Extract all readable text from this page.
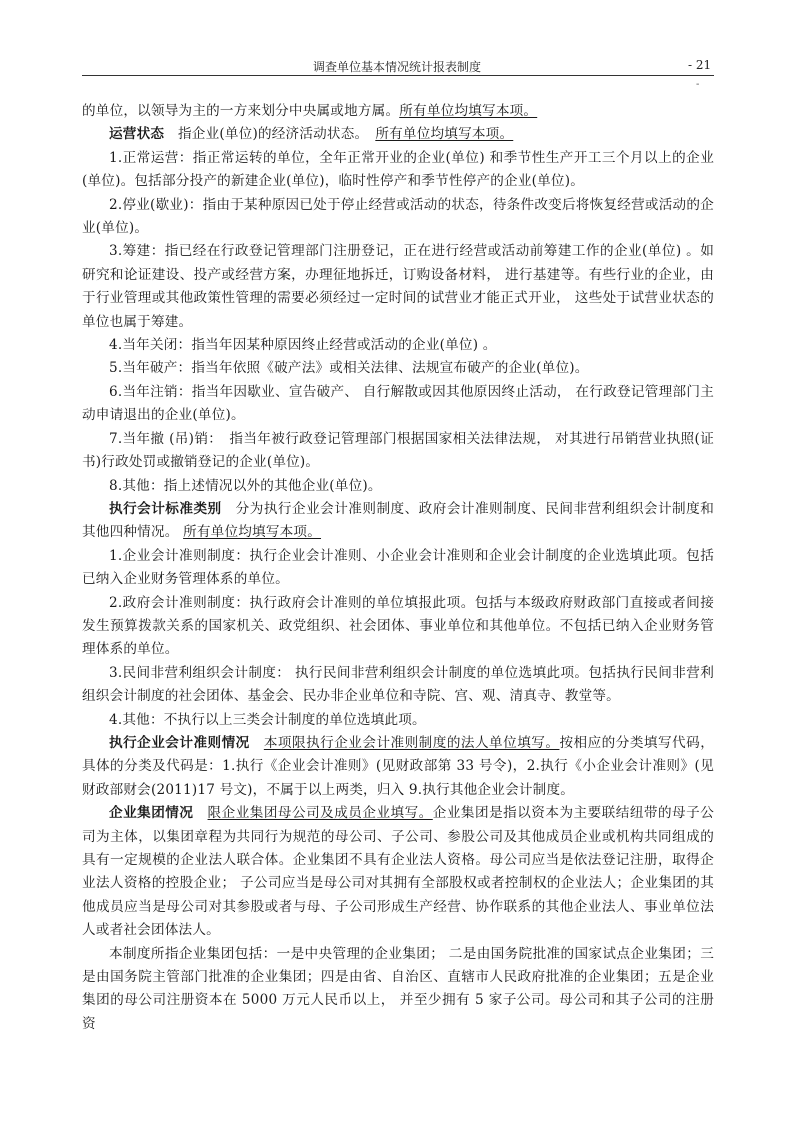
调查单位基本情况统计报表制度	- 21
-

的单位，以领导为主的一方来划分中央属或地方属。所有单位均填写本项。

运营状态　指企业(单位)的经济活动状态。　所有单位均填写本项。

1.正常运营：指正常运转的单位，全年正常开业的企业(单位) 和季节性生产开工三个月以上的企业(单位)。包括部分投产的新建企业(单位)，临时性停产和季节性停产的企业(单位)。

2.停业(歇业)：指由于某种原因已处于停止经营或活动的状态，待条件改变后将恢复经营或活动的企业(单位)。

3.筹建：指已经在行政登记管理部门注册登记，正在进行经营或活动前筹建工作的企业(单位) 。如研究和论证建设、投产或经营方案，办理征地拆迁，订购设备材料， 进行基建等。有些行业的企业，由于行业管理或其他政策性管理的需要必须经过一定时间的试营业才能正式开业， 这些处于试营业状态的单位也属于筹建。

4.当年关闭：指当年因某种原因终止经营或活动的企业(单位) 。

5.当年破产：指当年依照《破产法》或相关法律、法规宣布破产的企业(单位)。

6.当年注销：指当年因歇业、宣告破产、 自行解散或因其他原因终止活动， 在行政登记管理部门主动申请退出的企业(单位)。

7.当年撤 (吊)销：　指当年被行政登记管理部门根据国家相关法律法规， 对其进行吊销营业执照(证书)行政处罚或撤销登记的企业(单位)。

8.其他：指上述情况以外的其他企业(单位)。

执行会计标准类别　分为执行企业会计准则制度、政府会计准则制度、民间非营利组织会计制度和其他四种情况。 所有单位均填写本项。

1.企业会计准则制度：执行企业会计准则、小企业会计准则和企业会计制度的企业选填此项。包括已纳入企业财务管理体系的单位。

2.政府会计准则制度：执行政府会计准则的单位填报此项。包括与本级政府财政部门直接或者间接发生预算拨款关系的国家机关、政党组织、社会团体、事业单位和其他单位。不包括已纳入企业财务管理体系的单位。

3.民间非营利组织会计制度： 执行民间非营利组织会计制度的单位选填此项。包括执行民间非营利组织会计制度的社会团体、基金会、民办非企业单位和寺院、宫、观、清真寺、教堂等。

4.其他：不执行以上三类会计制度的单位选填此项。

执行企业会计准则情况　 本项限执行企业会计准则制度的法人单位填写。按相应的分类填写代码，具体的分类及代码是：1.执行《企业会计准则》(见财政部第 33 号令)，2.执行《小企业会计准则》(见财政部财会(2011)17 号文)，不属于以上两类，归入 9.执行其他企业会计制度。

企业集团情况　 限企业集团母公司及成员企业填写。企业集团是指以资本为主要联结纽带的母子公司为主体，以集团章程为共同行为规范的母公司、子公司、参股公司及其他成员企业或机构共同组成的具有一定规模的企业法人联合体。企业集团不具有企业法人资格。母公司应当是依法登记注册，取得企业法人资格的控股企业； 子公司应当是母公司对其拥有全部股权或者控制权的企业法人；企业集团的其他成员应当是母公司对其参股或者与母、子公司形成生产经营、协作联系的其他企业法人、事业单位法人或者社会团体法人。

本制度所指企业集团包括：一是中央管理的企业集团； 二是由国务院批准的国家试点企业集团；三是由国务院主管部门批准的企业集团；四是由省、自治区、直辖市人民政府批准的企业集团；五是企业集团的母公司注册资本在 5000 万元人民币以上， 并至少拥有 5 家子公司。母公司和其子公司的注册资
